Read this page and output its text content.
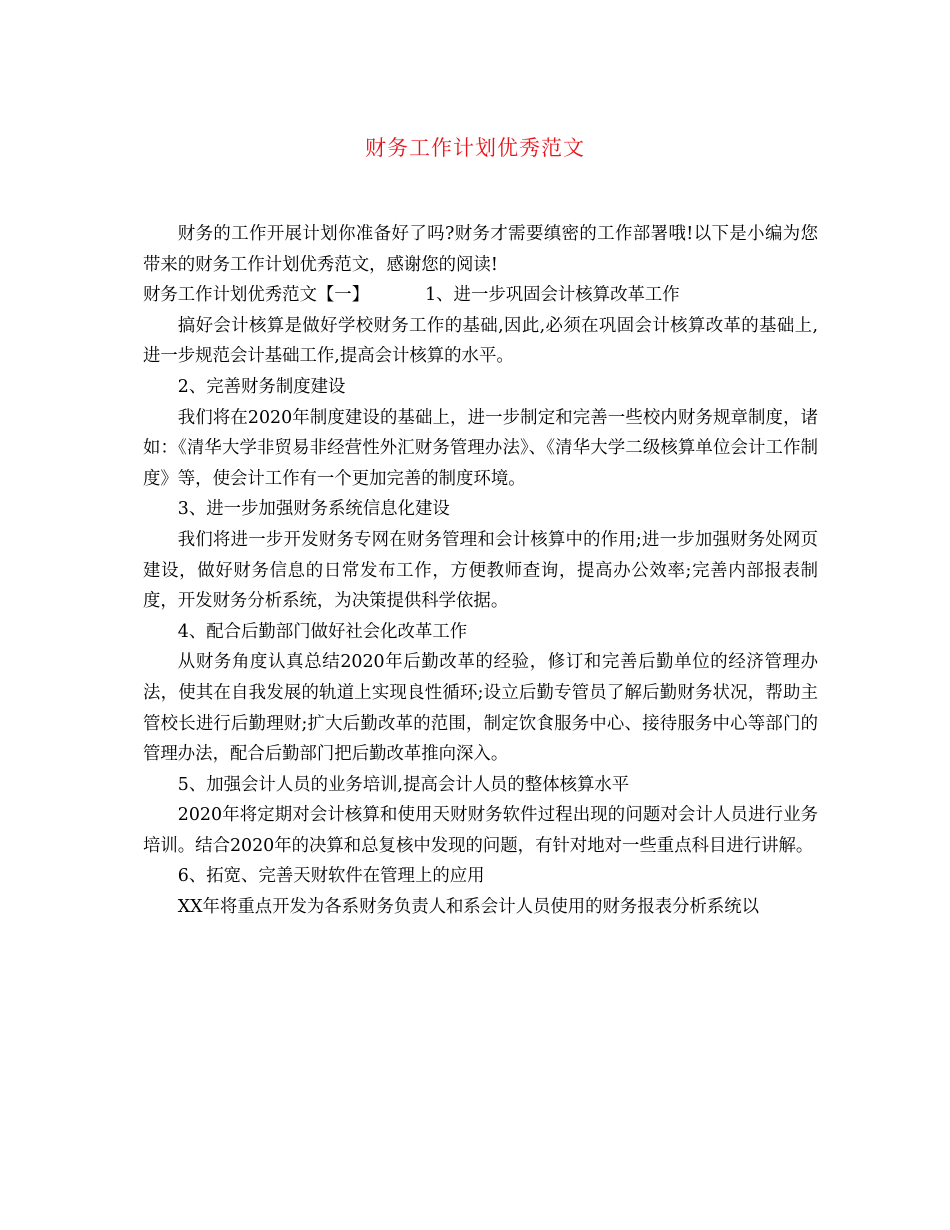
财务工作计划优秀范文

财务的工作开展计划你准备好了吗?财务才需要缜密的工作部署哦!以下是小编为您带来的财务工作计划优秀范文，感谢您的阅读!

财务工作计划优秀范文【一】	1、进一步巩固会计核算改革工作

搞好会计核算是做好学校财务工作的基础,因此,必须在巩固会计核算改革的基础上,进一步规范会计基础工作,提高会计核算的水平。

2、完善财务制度建设

我们将在2020年制度建设的基础上，进一步制定和完善一些校内财务规章制度，诸如：《清华大学非贸易非经营性外汇财务管理办法》、《清华大学二级核算单位会计工作制度》等，使会计工作有一个更加完善的制度环境。

3、进一步加强财务系统信息化建设

我们将进一步开发财务专网在财务管理和会计核算中的作用;进一步加强财务处网页建设，做好财务信息的日常发布工作，方便教师查询，提高办公效率;完善内部报表制度，开发财务分析系统，为决策提供科学依据。

4、配合后勤部门做好社会化改革工作

从财务角度认真总结2020年后勤改革的经验，修订和完善后勤单位的经济管理办法，使其在自我发展的轨道上实现良性循环;设立后勤专管员了解后勤财务状况，帮助主管校长进行后勤理财;扩大后勤改革的范围，制定饮食服务中心、接待服务中心等部门的管理办法，配合后勤部门把后勤改革推向深入。

5、加强会计人员的业务培训,提高会计人员的整体核算水平

2020年将定期对会计核算和使用天财财务软件过程出现的问题对会计人员进行业务培训。结合2020年的决算和总复核中发现的问题，有针对地对一些重点科目进行讲解。

6、拓宽、完善天财软件在管理上的应用

XX年将重点开发为各系财务负责人和系会计人员使用的财务报表分析系统以
